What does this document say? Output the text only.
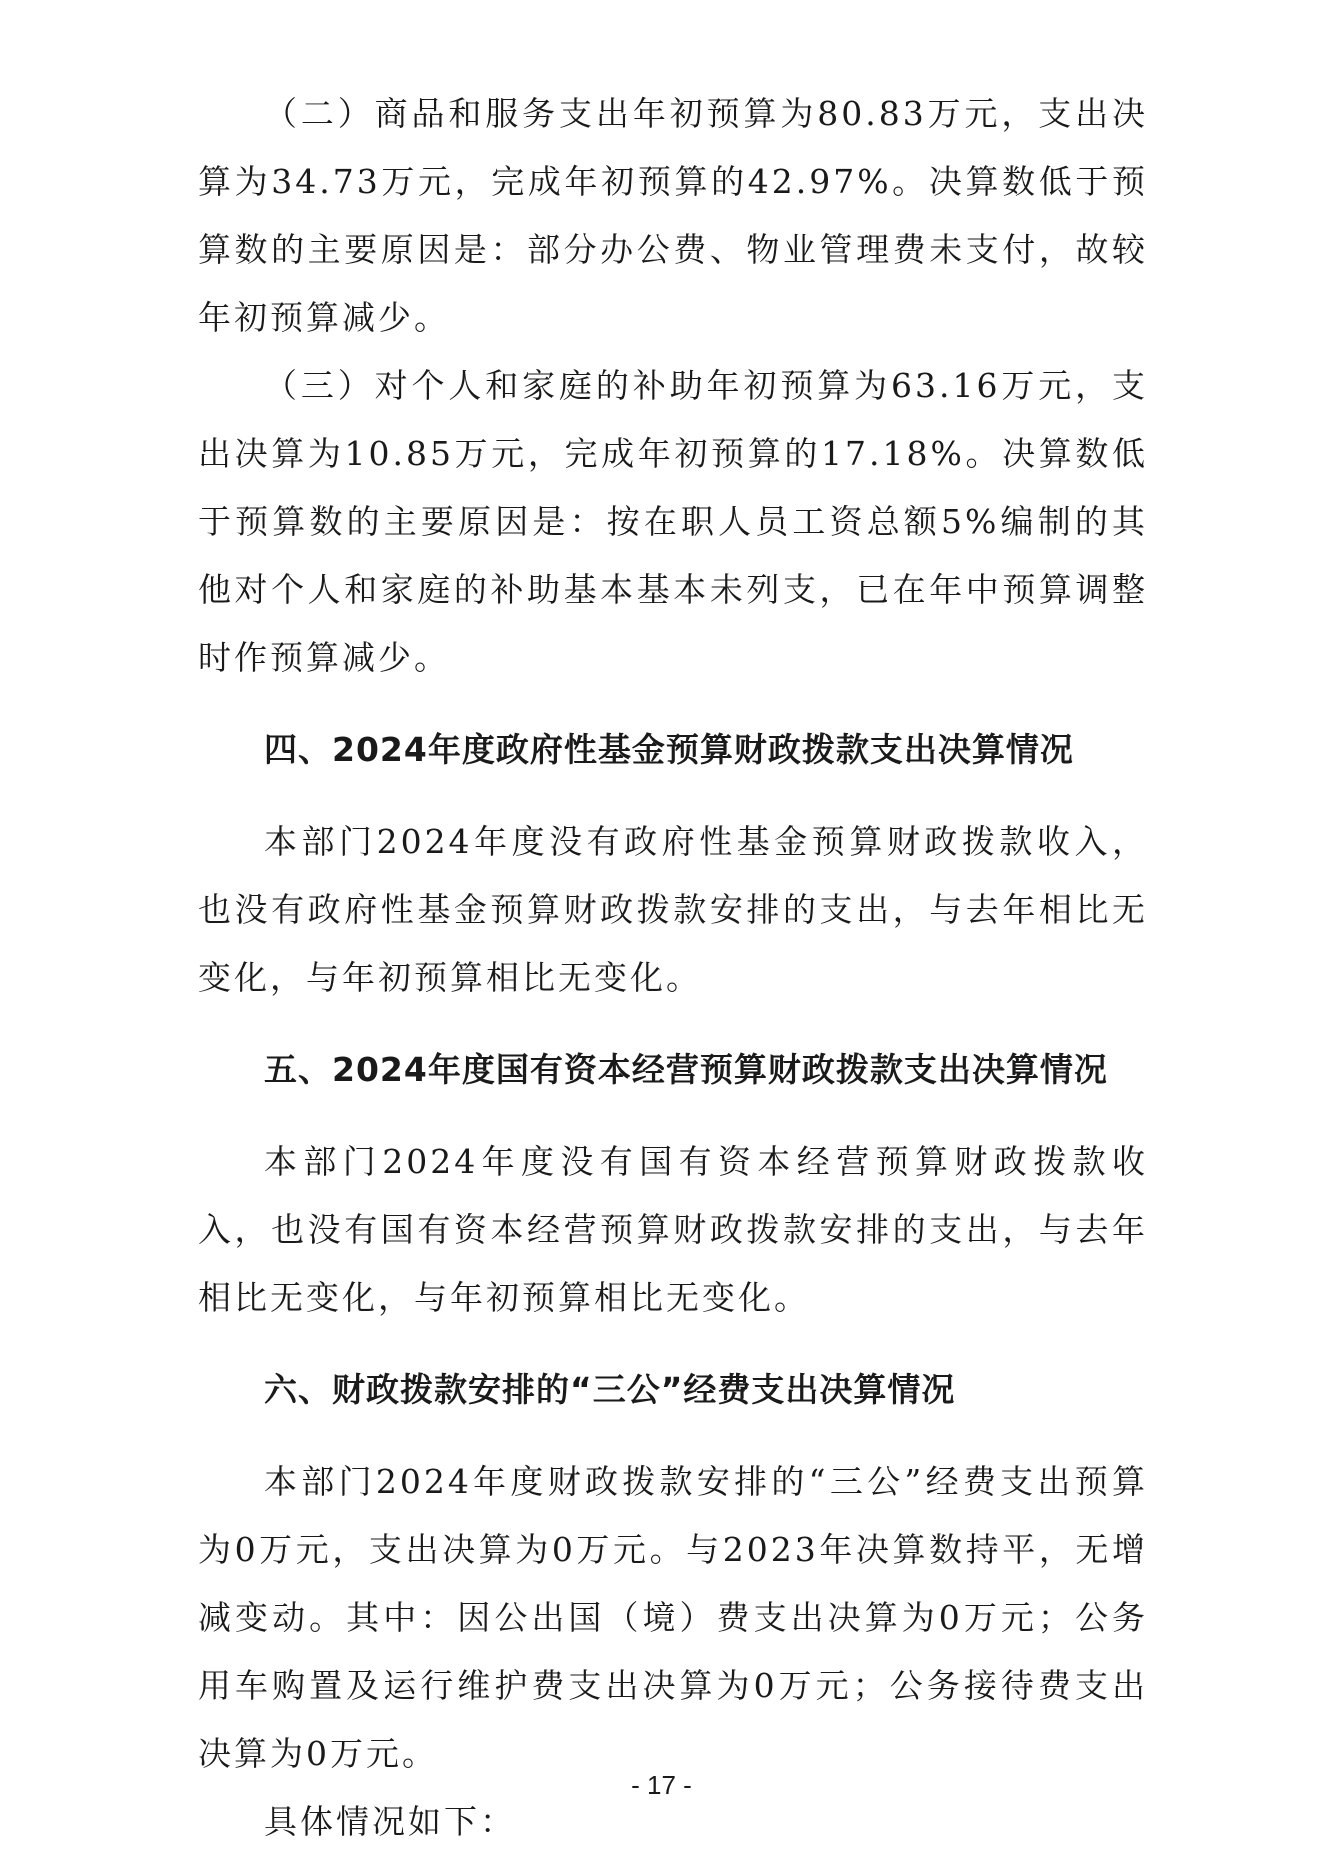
（二）商品和服务支出年初预算为80.83万元，支出决算为34.73万元，完成年初预算的42.97%。决算数低于预算数的主要原因是：部分办公费、物业管理费未支付，故较年初预算减少。

（三）对个人和家庭的补助年初预算为63.16万元，支出决算为10.85万元，完成年初预算的17.18%。决算数低于预算数的主要原因是：按在职人员工资总额5%编制的其他对个人和家庭的补助基本基本未列支，已在年中预算调整时作预算减少。

四、2024年度政府性基金预算财政拨款支出决算情况

本部门2024年度没有政府性基金预算财政拨款收入，也没有政府性基金预算财政拨款安排的支出，与去年相比无变化，与年初预算相比无变化。

五、2024年度国有资本经营预算财政拨款支出决算情况

本部门2024年度没有国有资本经营预算财政拨款收入，也没有国有资本经营预算财政拨款安排的支出，与去年相比无变化，与年初预算相比无变化。

六、财政拨款安排的“三公”经费支出决算情况

本部门2024年度财政拨款安排的“三公”经费支出预算为0万元，支出决算为0万元。与2023年决算数持平，无增减变动。其中：因公出国（境）费支出决算为0万元；公务用车购置及运行维护费支出决算为0万元；公务接待费支出决算为0万元。

具体情况如下：

- 17 -
